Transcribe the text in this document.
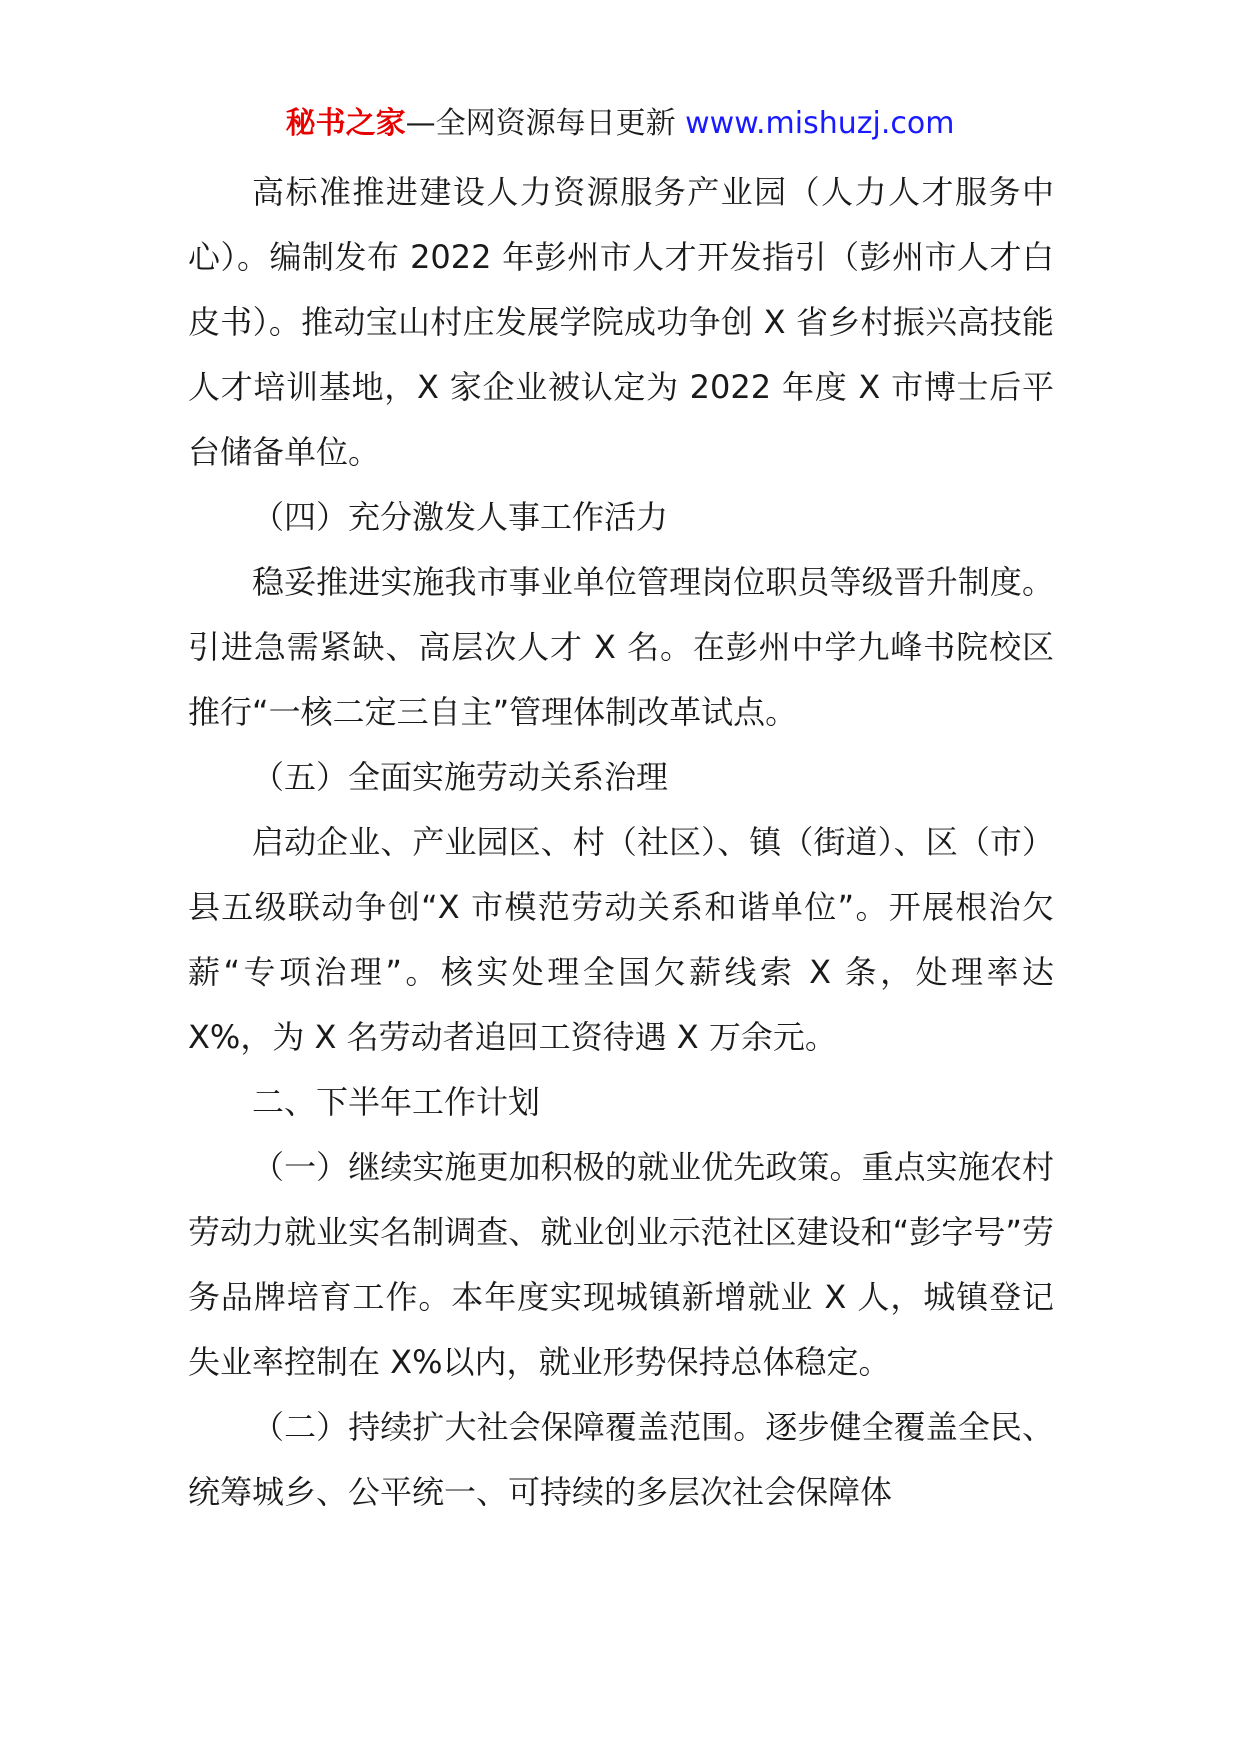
秘书之家—全网资源每日更新 www.mishuzj.com

高标准推进建设人力资源服务产业园（人力人才服务中心）。编制发布 2022 年彭州市人才开发指引（彭州市人才白皮书）。推动宝山村庄发展学院成功争创 X 省乡村振兴高技能人才培训基地，X 家企业被认定为 2022 年度 X 市博士后平台储备单位。

（四）充分激发人事工作活力

稳妥推进实施我市事业单位管理岗位职员等级晋升制度。引进急需紧缺、高层次人才 X 名。在彭州中学九峰书院校区推行“一核二定三自主”管理体制改革试点。

（五）全面实施劳动关系治理

启动企业、产业园区、村（社区）、镇（街道）、区（市）县五级联动争创“X 市模范劳动关系和谐单位”。开展根治欠薪“专项治理”。核实处理全国欠薪线索 X 条，处理率达 X%，为 X 名劳动者追回工资待遇 X 万余元。

二、下半年工作计划

（一）继续实施更加积极的就业优先政策。重点实施农村劳动力就业实名制调查、就业创业示范社区建设和“彭字号”劳务品牌培育工作。本年度实现城镇新增就业 X 人，城镇登记失业率控制在 X%以内，就业形势保持总体稳定。

（二）持续扩大社会保障覆盖范围。逐步健全覆盖全民、统筹城乡、公平统一、可持续的多层次社会保障体
